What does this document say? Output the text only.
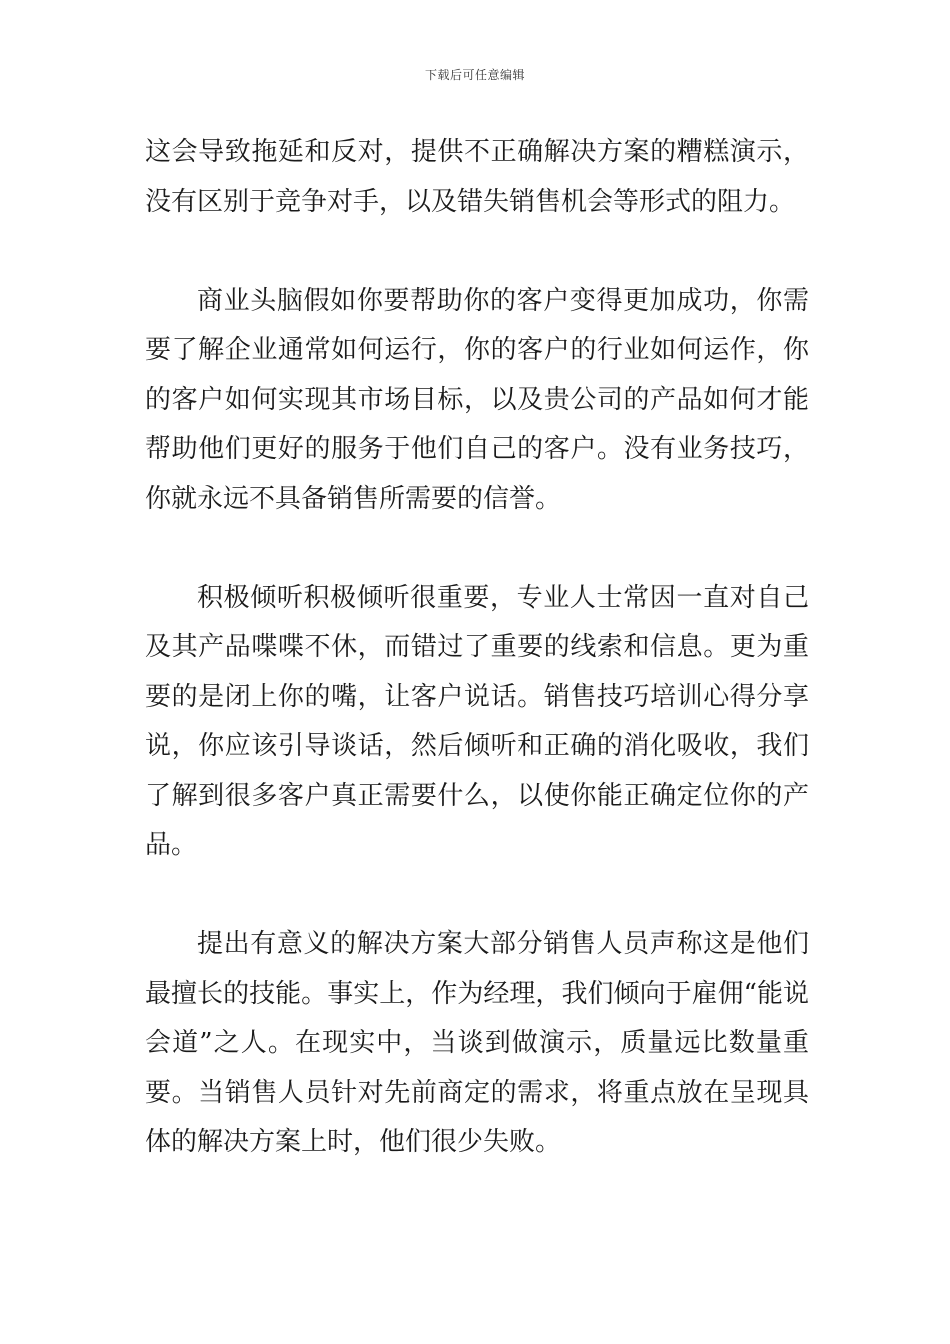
下载后可任意编辑

这会导致拖延和反对，提供不正确解决方案的糟糕演示，没有区别于竞争对手，以及错失销售机会等形式的阻力。

商业头脑假如你要帮助你的客户变得更加成功，你需要了解企业通常如何运行，你的客户的行业如何运作，你的客户如何实现其市场目标，以及贵公司的产品如何才能帮助他们更好的服务于他们自己的客户。没有业务技巧，你就永远不具备销售所需要的信誉。

积极倾听积极倾听很重要，专业人士常因一直对自己及其产品喋喋不休，而错过了重要的线索和信息。更为重要的是闭上你的嘴，让客户说话。销售技巧培训心得分享说，你应该引导谈话，然后倾听和正确的消化吸收，我们了解到很多客户真正需要什么，以使你能正确定位你的产品。

提出有意义的解决方案大部分销售人员声称这是他们最擅长的技能。事实上，作为经理，我们倾向于雇佣“能说会道”之人。在现实中，当谈到做演示，质量远比数量重要。当销售人员针对先前商定的需求，将重点放在呈现具体的解决方案上时，他们很少失败。
